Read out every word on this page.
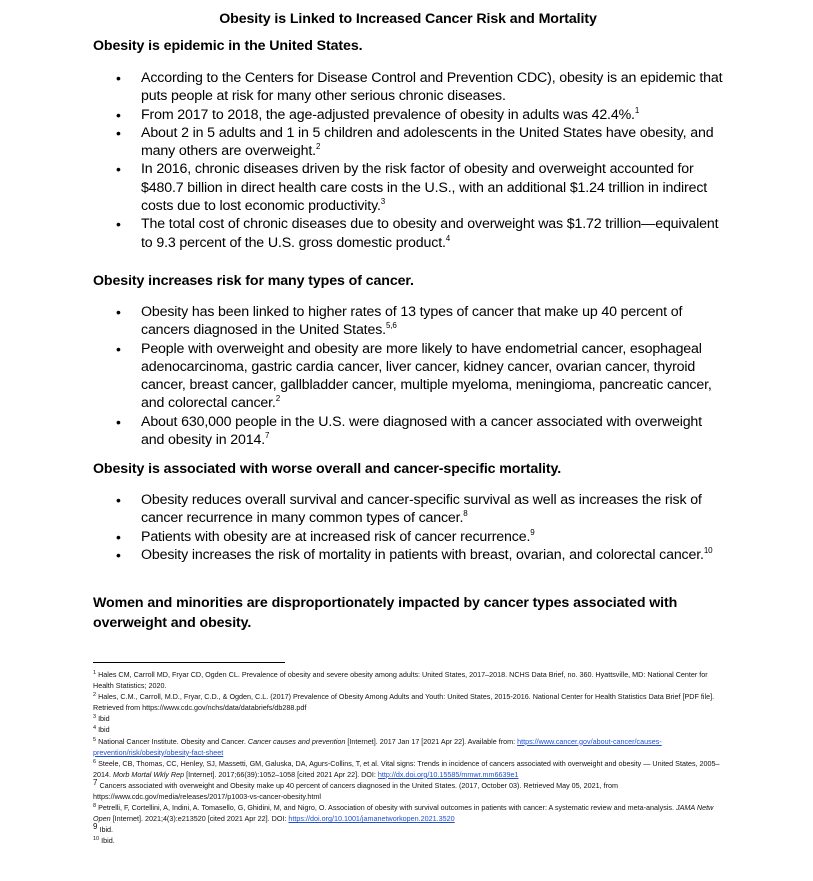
Obesity is Linked to Increased Cancer Risk and Mortality
Obesity is epidemic in the United States.
• According to the Centers for Disease Control and Prevention CDC), obesity is an epidemic that puts people at risk for many other serious chronic diseases.
• From 2017 to 2018, the age-adjusted prevalence of obesity in adults was 42.4%.$^1$
• About 2 in 5 adults and 1 in 5 children and adolescents in the United States have obesity, and many others are overweight.$^2$
• In 2016, chronic diseases driven by the risk factor of obesity and overweight accounted for $480.7 billion in direct health care costs in the U.S., with an additional $1.24 trillion in indirect costs due to lost economic productivity.$^3$
• The total cost of chronic diseases due to obesity and overweight was $1.72 trillion—equivalent to 9.3 percent of the U.S. gross domestic product.$^4$
Obesity increases risk for many types of cancer.
• Obesity has been linked to higher rates of 13 types of cancer that make up 40 percent of cancers diagnosed in the United States.$^{5,6}$
• People with overweight and obesity are more likely to have endometrial cancer, esophageal adenocarcinoma, gastric cardia cancer, liver cancer, kidney cancer, ovarian cancer, thyroid cancer, breast cancer, gallbladder cancer, multiple myeloma, meningioma, pancreatic cancer, and colorectal cancer.$^2$
• About 630,000 people in the U.S. were diagnosed with a cancer associated with overweight and obesity in 2014.$^7$
Obesity is associated with worse overall and cancer-specific mortality.
• Obesity reduces overall survival and cancer-specific survival as well as increases the risk of cancer recurrence in many common types of cancer.$^8$
• Patients with obesity are at increased risk of cancer recurrence.$^9$
• Obesity increases the risk of mortality in patients with breast, ovarian, and colorectal cancer.$^{10}$
Women and minorities are disproportionately impacted by cancer types associated with overweight and obesity.

$^1$ Hales CM, Carroll MD, Fryar CD, Ogden CL. Prevalence of obesity and severe obesity among adults: United States, 2017–2018. NCHS Data Brief, no. 360. Hyattsville, MD: National Center for Health Statistics; 2020.

$^2$ Hales, C.M., Carroll, M.D., Fryar, C.D., & Ogden, C.L. (2017) Prevalence of Obesity Among Adults and Youth: United States, 2015-2016. National Center for Health Statistics Data Brief [PDF file]. Retrieved from https://www.cdc.gov/nchs/data/databriefs/db288.pdf

$^3$ Ibid

$^4$ Ibid

$^5$ National Cancer Institute. Obesity and Cancer. Cancer causes and prevention [Internet]. 2017 Jan 17 [2021 Apr 22]. Available from: https://www.cancer.gov/about-cancer/causes-prevention/risk/obesity/obesity-fact-sheet

$^6$ Steele, CB, Thomas, CC, Henley, SJ, Massetti, GM, Galuska, DA, Agurs-Collins, T, et al. Vital signs: Trends in incidence of cancers associated with overweight and obesity — United States, 2005–2014. Morb Mortal Wkly Rep [Internet]. 2017;66(39):1052–1058 [cited 2021 Apr 22]. DOI: http://dx.doi.org/10.15585/mmwr.mm6639e1

$^7$ Cancers associated with overweight and Obesity make up 40 percent of cancers diagnosed in the United States. (2017, October 03). Retrieved May 05, 2021, from https://www.cdc.gov/media/releases/2017/p1003-vs-cancer-obesity.html

$^8$ Petrelli, F, Cortellini, A, Indini, A. Tomasello, G, Ghidini, M, and Nigro, O. Association of obesity with survival outcomes in patients with cancer: A systematic review and meta-analysis. JAMA Netw Open [Internet]. 2021;4(3):e213520 [cited 2021 Apr 22]. DOI: https://doi.org/10.1001/jamanetworkopen.2021.3520

$^9$ Ibid.

$^{10}$ Ibid.
